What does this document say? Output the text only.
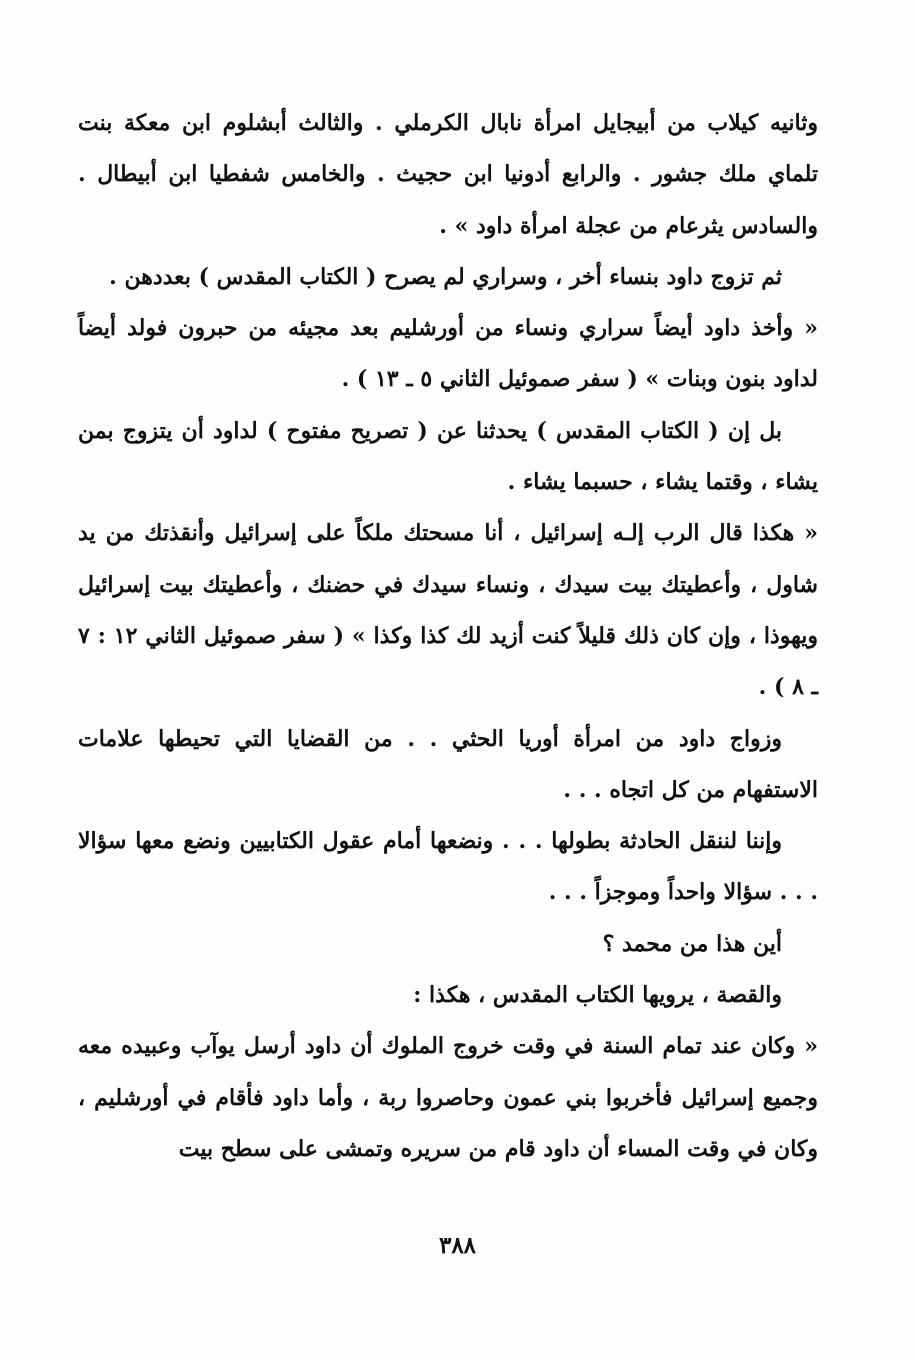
وثانيه كيلاب من أبيجايل امرأة نابال الكرملي . والثالث أبشلوم ابن معكة بنت تلماي ملك جشور . والرابع أدونيا ابن حجيث . والخامس شفطيا ابن أبيطال . والسادس يثرعام من عجلة امرأة داود » .

ثم تزوج داود بنساء أخر ، وسراري لم يصرح ( الكتاب المقدس ) بعددهن .

« وأخذ داود أيضاً سراري ونساء من أورشليم بعد مجيئه من حبرون فولد أيضاً لداود بنون وبنات » ( سفر صموئيل الثاني ٥ ـ ١٣ ) .

بل إن ( الكتاب المقدس ) يحدثنا عن ( تصريح مفتوح ) لداود أن يتزوج بمن يشاء ، وقتما يشاء ، حسبما يشاء .

« هكذا قال الرب إلـه إسرائيل ، أنا مسحتك ملكاً على إسرائيل وأنقذتك من يد شاول ، وأعطيتك بيت سيدك ، ونساء سيدك في حضنك ، وأعطيتك بيت إسرائيل ويهوذا ، وإن كان ذلك قليلاً كنت أزيد لك كذا وكذا » ( سفر صموئيل الثاني ١٢ : ٧ ـ ٨ ) .

وزواج داود من امرأة أوريا الحثي . . من القضايا التي تحيطها علامات الاستفهام من كل اتجاه . . .

وإننا لننقل الحادثة بطولها . . . ونضعها أمام عقول الكتابيين ونضع معها سؤالا . . . سؤالا واحداً وموجزاً . . .

أين هذا من محمد ؟

والقصة ، يرويها الكتاب المقدس ، هكذا :

« وكان عند تمام السنة في وقت خروج الملوك أن داود أرسل يوآب وعبيده معه وجميع إسرائيل فأخربوا بني عمون وحاصروا ربة ، وأما داود فأقام في أورشليم ، وكان في وقت المساء أن داود قام من سريره وتمشى على سطح بيت

٣٨٨
